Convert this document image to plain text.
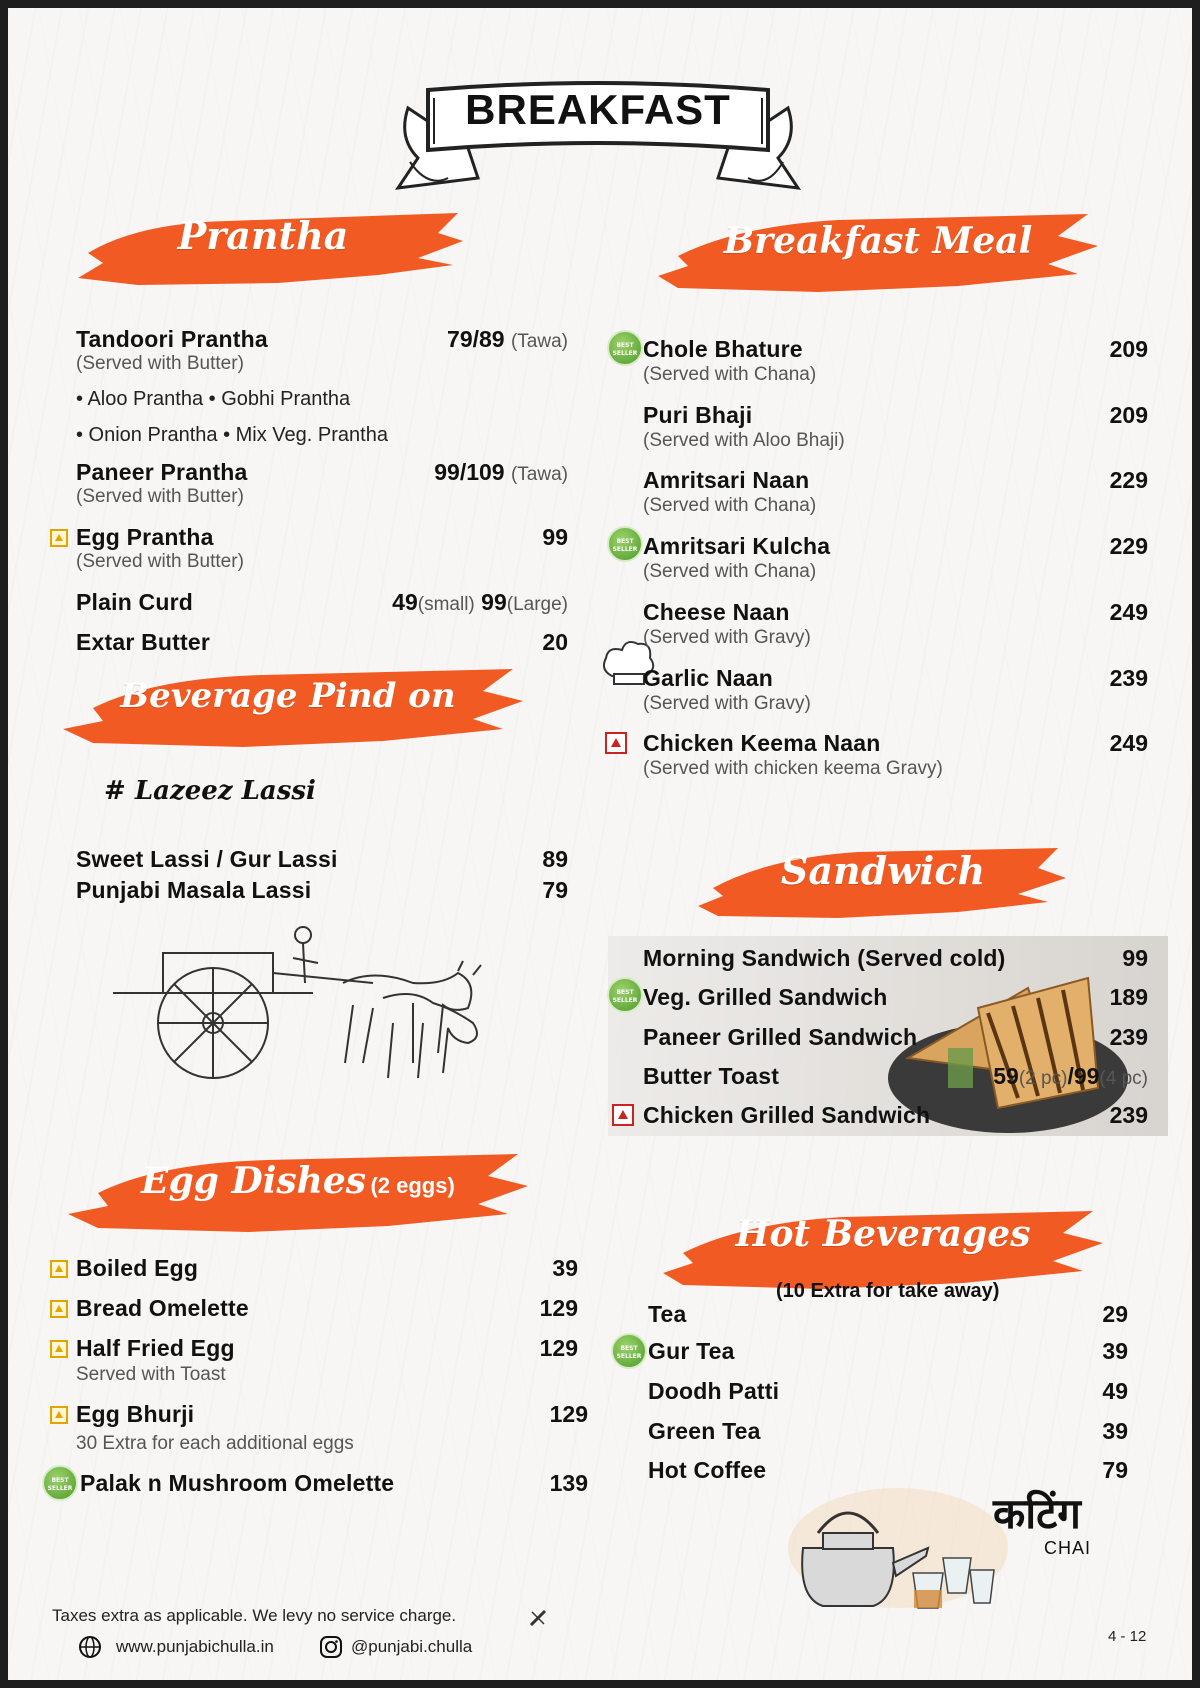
BREAKFAST
Prantha	Breakfast Meal
Beverage Pind on
Sandwich
Egg Dishes (2 eggs)
Hot Beverages
Tandoori Prantha	79/89 (Tawa)
(Served with Butter)
• Aloo Prantha • Gobhi Prantha
• Onion Prantha • Mix Veg. Prantha
Paneer Prantha	99/109 (Tawa)
(Served with Butter)
Egg Prantha	99
(Served with Butter)
Plain Curd	49(small) 99(Large)
Extar Butter	20
# Lazeez Lassi
Sweet Lassi / Gur Lassi	89
Punjabi Masala Lassi	79
Boiled Egg	39
Bread Omelette	129
Half Fried Egg	129
Served with Toast
Egg Bhurji	129
30 Extra for each additional eggs
BEST SELLER Palak n Mushroom Omelette	139
BEST SELLER Chole Bhature	209
(Served with Chana)
Puri Bhaji	209
(Served with Aloo Bhaji)
Amritsari Naan	229
(Served with Chana)
BEST SELLER Amritsari Kulcha	229
(Served with Chana)
Cheese Naan	249
(Served with Gravy)
Garlic Naan	239
(Served with Gravy)
Chicken Keema Naan	249
(Served with chicken keema Gravy)
Morning Sandwich (Served cold)	99
BEST SELLER Veg. Grilled Sandwich	189
Paneer Grilled Sandwich	239
Butter Toast	59(2 pc)/99(4 pc)
Chicken Grilled Sandwich	239
(10 Extra for take away)
Tea	29
BEST SELLER Gur Tea	39
Doodh Patti	49
Green Tea	39
Hot Coffee	79
कटिंग
CHAI
Taxes extra as applicable. We levy no service charge.
www.punjabichulla.in	@punjabi.chulla
4 - 12
